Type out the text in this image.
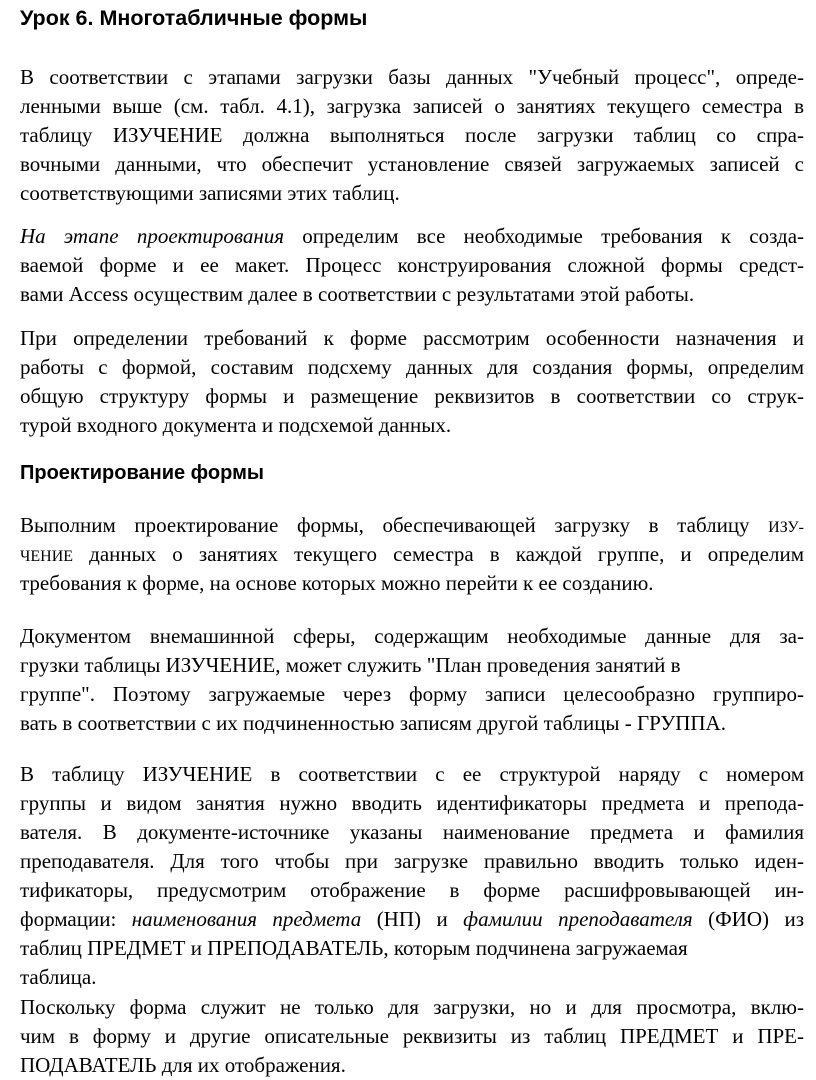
Урок 6. Многотабличные формы
В соответствии с этапами загрузки базы данных "Учебный процесс", опреде-
ленными выше (см. табл. 4.1), загрузка записей о занятиях текущего семестра в
таблицу ИЗУЧЕНИЕ должна выполняться после загрузки таблиц со спра-
вочными данными, что обеспечит установление связей загружаемых записей с
соответствующими записями этих таблиц.
На этапе проектирования определим все необходимые требования к созда-
ваемой форме и ее макет. Процесс конструирования сложной формы средст-
вами Access осуществим далее в соответствии с результатами этой работы.
При определении требований к форме рассмотрим особенности назначения и
работы с формой, составим подсхему данных для создания формы, определим
общую структуру формы и размещение реквизитов в соответствии со струк-
турой входного документа и подсхемой данных.
Проектирование формы
Выполним проектирование формы, обеспечивающей загрузку в таблицу ИЗУ-
ЧЕНИЕ данных о занятиях текущего семестра в каждой группе, и определим
требования к форме, на основе которых можно перейти к ее созданию.
Документом внемашинной сферы, содержащим необходимые данные для за-
грузки таблицы ИЗУЧЕНИЕ, может служить "План проведения занятий в
группе". Поэтому загружаемые через форму записи целесообразно группиро-
вать в соответствии с их подчиненностью записям другой таблицы - ГРУППА.
В таблицу ИЗУЧЕНИЕ в соответствии с ее структурой наряду с номером
группы и видом занятия нужно вводить идентификаторы предмета и препода-
вателя. В документе-источнике указаны наименование предмета и фамилия
преподавателя. Для того чтобы при загрузке правильно вводить только иден-
тификаторы, предусмотрим отображение в форме расшифровывающей ин-
формации: наименования предмета (НП) и фамилии преподавателя (ФИО) из
таблиц ПРЕДМЕТ и ПРЕПОДАВАТЕЛЬ, которым подчинена загружаемая
таблица.
Поскольку форма служит не только для загрузки, но и для просмотра, вклю-
чим в форму и другие описательные реквизиты из таблиц ПРЕДМЕТ и ПРЕ-
ПОДАВАТЕЛЬ для их отображения.
